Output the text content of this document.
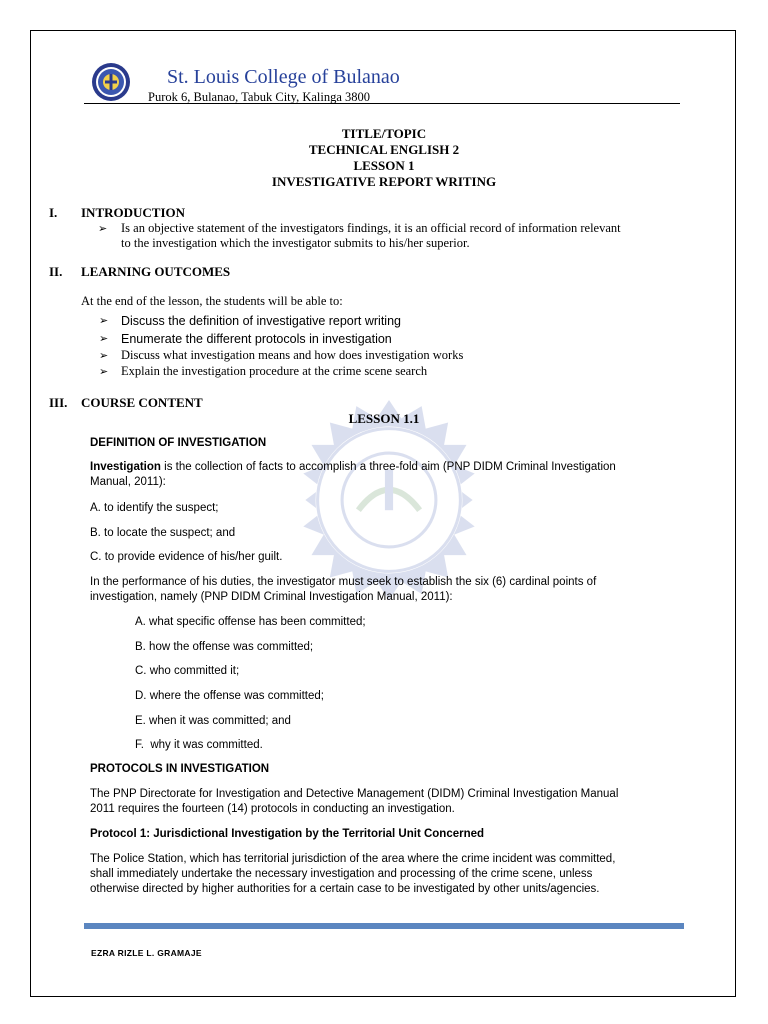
St. Louis College of Bulanao
Purok 6, Bulanao, Tabuk City, Kalinga 3800
TITLE/TOPIC
TECHNICAL ENGLISH 2
LESSON 1
INVESTIGATIVE REPORT WRITING
I. INTRODUCTION
➢ Is an objective statement of the investigators findings, it is an official record of information relevant
to the investigation which the investigator submits to his/her superior.
II. LEARNING OUTCOMES
At the end of the lesson, the students will be able to:
➢ Discuss the definition of investigative report writing
➢ Enumerate the different protocols in investigation
➢ Discuss what investigation means and how does investigation works
➢ Explain the investigation procedure at the crime scene search
III. COURSE CONTENT
LESSON 1.1
DEFINITION OF INVESTIGATION
Investigation is the collection of facts to accomplish a three-fold aim (PNP DIDM Criminal Investigation
Manual, 2011):
A. to identify the suspect;
B. to locate the suspect; and
C. to provide evidence of his/her guilt.
In the performance of his duties, the investigator must seek to establish the six (6) cardinal points of
investigation, namely (PNP DIDM Criminal Investigation Manual, 2011):
A. what specific offense has been committed;
B. how the offense was committed;
C. who committed it;
D. where the offense was committed;
E. when it was committed; and
F.  why it was committed.
PROTOCOLS IN INVESTIGATION
The PNP Directorate for Investigation and Detective Management (DIDM) Criminal Investigation Manual
2011 requires the fourteen (14) protocols in conducting an investigation.
Protocol 1: Jurisdictional Investigation by the Territorial Unit Concerned
The Police Station, which has territorial jurisdiction of the area where the crime incident was committed,
shall immediately undertake the necessary investigation and processing of the crime scene, unless
otherwise directed by higher authorities for a certain case to be investigated by other units/agencies.
EZRA RIZLE L. GRAMAJE
